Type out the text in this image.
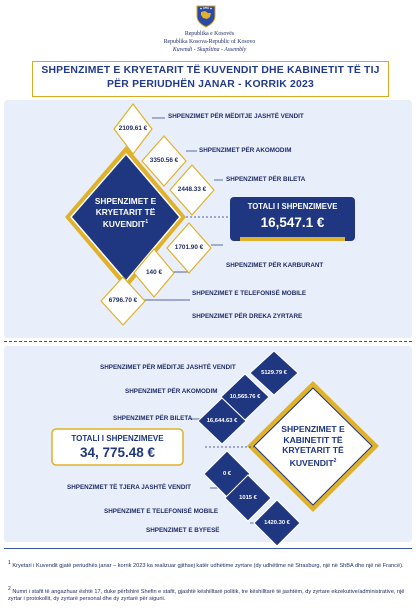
Republika e Kosovës
Republika Kosova-Republic of Kosovo
Kuvendi - Skupština - Assembly
SHPENZIMET E KRYETARIT TË KUVENDIT DHE KABINETIT TË TIJ
PËR PERIUDHËN JANAR - KORRIK 2023
SHPENZIMET E
KRYETARIT TË
KUVENDIT$^1$
TOTALI I SHPENZIMEVE
16,547.1 €
2109.61 €
3350.56 €
2448.33 €
1701.90 €
140 €
6796.70 €
SHPENZIMET PËR MËDITJE JASHTË VENDIT
SHPENZIMET PËR AKOMODIM
SHPENZIMET PËR BILETA
SHPENZIMET PËR KARBURANT
SHPENZIMET E TELEFONISË MOBILE
SHPENZIMET PËR DREKA ZYRTARE
SHPENZIMET E
KABINETIT TË
KRYETARIT TË
KUVENDIT$^2$
TOTALI I SHPENZIMEVE
34, 775.48 €
5129.79 €
10,565.76 €
16,644.63 €
0 €
1015 €
1420.30 €
SHPENZIMET PËR MËDITJE JASHTË VENDIT
SHPENZIMET PËR AKOMODIM
SHPENZIMET PËR BILETA
SHPENZIMET TË TJERA JASHTË VENDIT
SHPENZIMET E TELEFONISË MOBILE
SHPENZIMET E BYFESË
$^1$ Kryetari i Kuvendit gjatë periudhës janar – korrik 2023 ka realizuar gjithsej katër udhëtime zyrtare (dy udhëtime në Strasburg, një në ShBA dhe një në Francë).
$^2$ Numri i stafit të angazhuar është 17, duke përfshirë Shefin e stafit, gjashtë këshilltarë politik, tre këshilltarë të jashtëm, dy zyrtare ekzekutive/administrative, një zyrtar i protokollit, dy zyrtarë personal dhe dy zyrtarë për sigurii.
